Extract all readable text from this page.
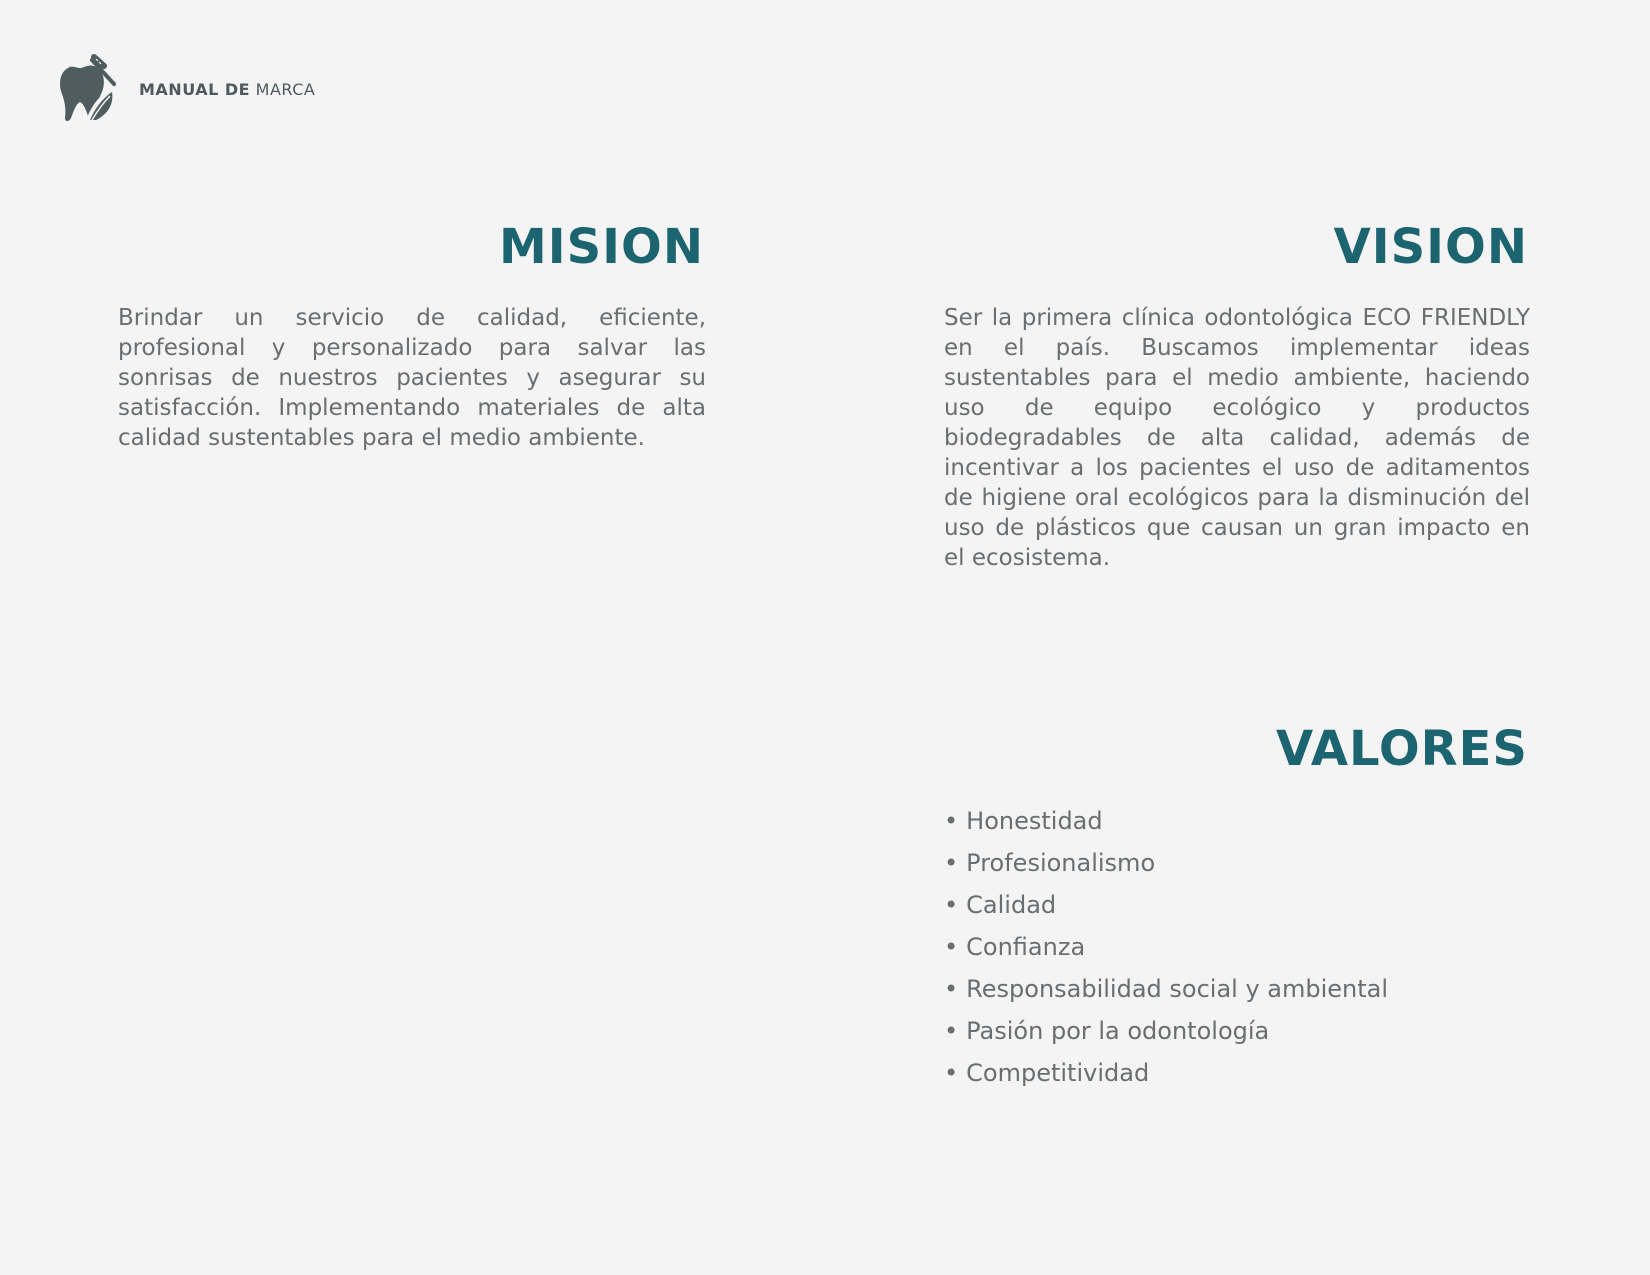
MANUAL DE MARCA
MISION

Brindar un servicio de calidad, eficiente, profesional y personalizado para salvar las sonrisas de nuestros pacientes y asegurar su satisfacción. Implementando materiales de alta calidad sustentables para el medio ambiente.

VISION

Ser la primera clínica odontológica ECO FRIENDLY en el país. Buscamos implementar ideas sustentables para el medio ambiente, haciendo uso de equipo ecológico y productos biodegradables de alta calidad, además de incentivar a los pacientes el uso de aditamentos de higiene oral ecológicos para la disminución del uso de plásticos que causan un gran impacto en el ecosistema.

VALORES
• Honestidad
• Profesionalismo
• Calidad
• Confianza
• Responsabilidad social y ambiental
• Pasión por la odontología
• Competitividad
